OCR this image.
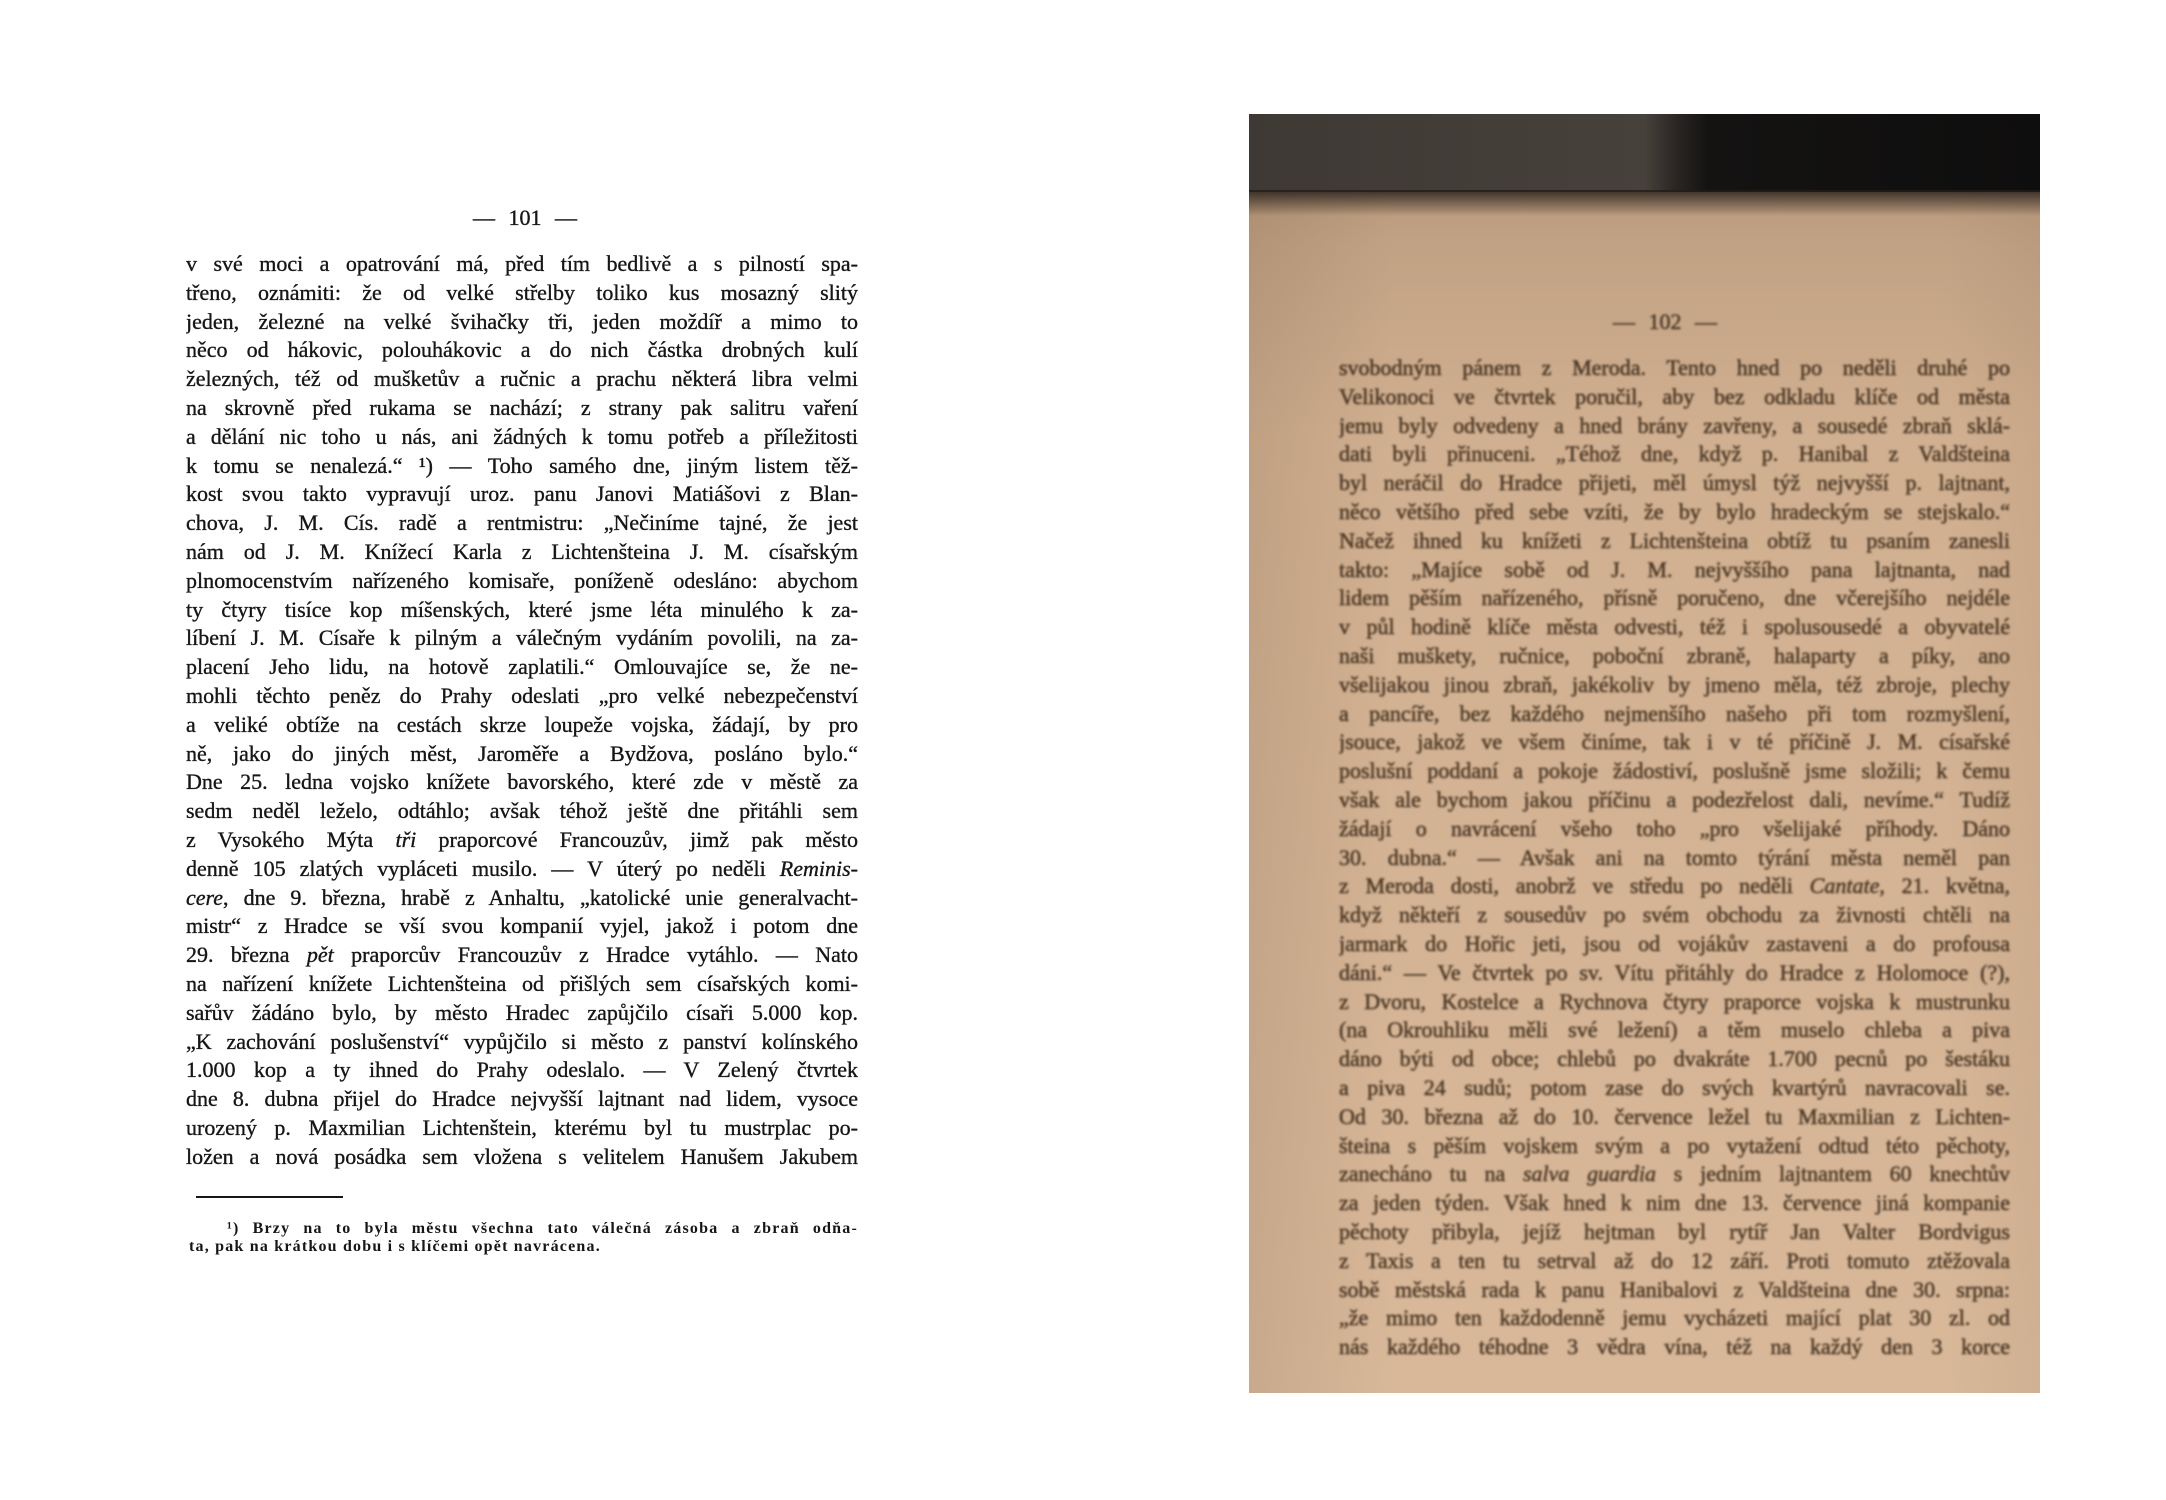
— 101 —
v své moci a opatrování má, před tím bedlivě a s pilností spa-
třeno, oznámiti: že od velké střelby toliko kus mosazný slitý
jeden, železné na velké švihačky tři, jeden moždíř a mimo to
něco od hákovic, polouhákovic a do nich částka drobných kulí
železných, též od mušketův a ručnic a prachu některá libra velmi
na skrovně před rukama se nachází; z strany pak salitru vaření
a dělání nic toho u nás, ani žádných k tomu potřeb a příležitosti
k tomu se nenalezá.“ ¹) — Toho samého dne, jiným listem těž-
kost svou takto vypravují uroz. panu Janovi Matiášovi z Blan-
chova, J. M. Cís. radě a rentmistru: „Nečiníme tajné, že jest
nám od J. M. Knížecí Karla z Lichtenšteina J. M. císařským
plnomocenstvím nařízeného komisaře, poníženě odesláno: abychom
ty čtyry tisíce kop míšenských, které jsme léta minulého k za-
líbení J. M. Císaře k pilným a válečným vydáním povolili, na za-
placení Jeho lidu, na hotově zaplatili.“ Omlouvajíce se, že ne-
mohli těchto peněz do Prahy odeslati „pro velké nebezpečenství
a veliké obtíže na cestách skrze loupeže vojska, žádají, by pro
ně, jako do jiných měst, Jaroměře a Bydžova, posláno bylo.“
Dne 25. ledna vojsko knížete bavorského, které zde v městě za
sedm neděl leželo, odtáhlo; avšak téhož ještě dne přitáhli sem
z Vysokého Mýta tři praporcové Francouzův, jimž pak město
denně 105 zlatých vypláceti musilo. — V úterý po neděli Reminis-
cere, dne 9. března, hrabě z Anhaltu, „katolické unie generalvacht-
mistr“ z Hradce se vší svou kompanií vyjel, jakož i potom dne
29. března pět praporcův Francouzův z Hradce vytáhlo. — Nato
na nařízení knížete Lichtenšteina od přišlých sem císařských komi-
sařův žádáno bylo, by město Hradec zapůjčilo císaři 5.000 kop.
„K zachování poslušenství“ vypůjčilo si město z panství kolínského
1.000 kop a ty ihned do Prahy odeslalo. — V Zelený čtvrtek
dne 8. dubna přijel do Hradce nejvyšší lajtnant nad lidem, vysoce
urozený p. Maxmilian Lichtenštein, kterému byl tu mustrplac po-
ložen a nová posádka sem vložena s velitelem Hanušem Jakubem
¹) Brzy na to byla městu všechna tato válečná zásoba a zbraň odňa-
ta, pak na krátkou dobu i s klíčemi opět navrácena.
— 102 —
svobodným pánem z Meroda. Tento hned po neděli druhé po
Velikonoci ve čtvrtek poručil, aby bez odkladu klíče od města
jemu byly odvedeny a hned brány zavřeny, a sousedé zbraň sklá-
dati byli přinuceni. „Téhož dne, když p. Hanibal z Valdšteina
byl neráčil do Hradce přijeti, měl úmysl týž nejvyšší p. lajtnant,
něco většího před sebe vzíti, že by bylo hradeckým se stejskalo.“
Načež ihned ku knížeti z Lichtenšteina obtíž tu psaním zanesli
takto: „Majíce sobě od J. M. nejvyššího pana lajtnanta, nad
lidem pěším nařízeného, přísně poručeno, dne včerejšího nejdéle
v půl hodině klíče města odvesti, též i spolusousedé a obyvatelé
naši muškety, ručnice, poboční zbraně, halaparty a píky, ano
všelijakou jinou zbraň, jakékoliv by jmeno měla, též zbroje, plechy
a pancíře, bez každého nejmenšího našeho při tom rozmyšlení,
jsouce, jakož ve všem činíme, tak i v té příčině J. M. císařské
poslušní poddaní a pokoje žádostiví, poslušně jsme složili; k čemu
však ale bychom jakou příčinu a podezřelost dali, nevíme.“ Tudíž
žádají o navrácení všeho toho „pro všelijaké příhody. Dáno
30. dubna.“ — Avšak ani na tomto týrání města neměl pan
z Meroda dosti, anobrž ve středu po neděli Cantate, 21. května,
když někteří z sousedův po svém obchodu za živnosti chtěli na
jarmark do Hořic jeti, jsou od vojákův zastaveni a do profousa
dáni.“ — Ve čtvrtek po sv. Vítu přitáhly do Hradce z Holomoce (?),
z Dvoru, Kostelce a Rychnova čtyry praporce vojska k mustrunku
(na Okrouhliku měli své ležení) a těm muselo chleba a piva
dáno býti od obce; chlebů po dvakráte 1.700 pecnů po šestáku
a piva 24 sudů; potom zase do svých kvartýrů navracovali se.
Od 30. března až do 10. července ležel tu Maxmilian z Lichten-
šteina s pěším vojskem svým a po vytažení odtud této pěchoty,
zanecháno tu na salva guardia s jedním lajtnantem 60 knechtův
za jeden týden. Však hned k nim dne 13. července jiná kompanie
pěchoty přibyla, jejíž hejtman byl rytíř Jan Valter Bordvigus
z Taxis a ten tu setrval až do 12 září. Proti tomuto ztěžovala
sobě městská rada k panu Hanibalovi z Valdšteina dne 30. srpna:
„že mimo ten každodenně jemu vycházeti mající plat 30 zl. od
nás každého téhodne 3 vědra vína, též na každý den 3 korce
